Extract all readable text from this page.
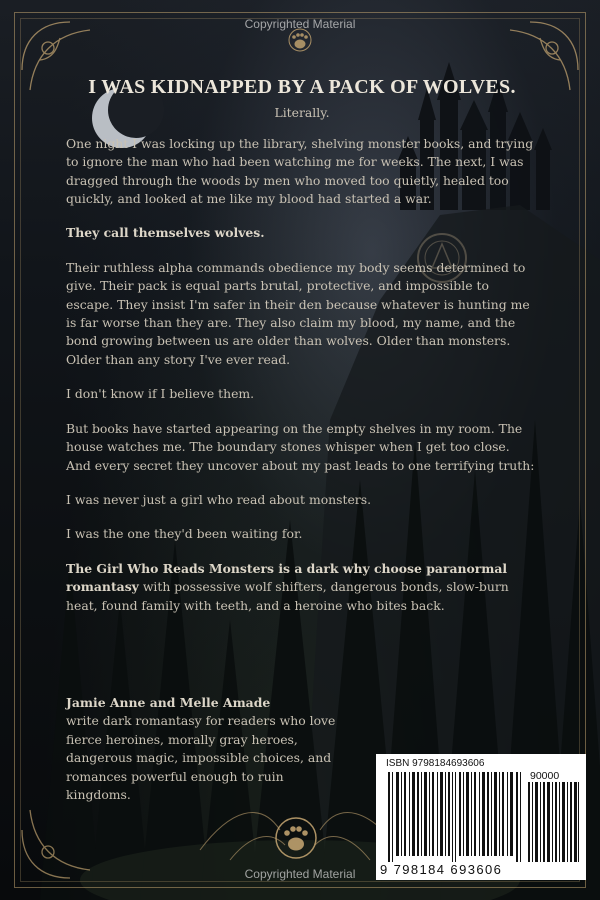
Copyrighted Material
I WAS KIDNAPPED BY A PACK OF WOLVES.
Literally.

One night I was locking up the library, shelving monster books, and trying to ignore the man who had been watching me for weeks. The next, I was dragged through the woods by men who moved too quietly, healed too quickly, and looked at me like my blood had started a war.

They call themselves wolves.

Their ruthless alpha commands obedience my body seems determined to give. Their pack is equal parts brutal, protective, and impossible to escape. They insist I'm safer in their den because whatever is hunting me is far worse than they are. They also claim my blood, my name, and the bond growing between us are older than wolves. Older than monsters. Older than any story I've ever read.

I don't know if I believe them.

But books have started appearing on the empty shelves in my room. The house watches me. The boundary stones whisper when I get too close. And every secret they uncover about my past leads to one terrifying truth:

I was never just a girl who read about monsters.

I was the one they'd been waiting for.

The Girl Who Reads Monsters is a dark why choose paranormal romantasy with possessive wolf shifters, dangerous bonds, slow-burn heat, found family with teeth, and a heroine who bites back.

Jamie Anne and Melle Amade
write dark romantasy for readers who love fierce heroines, morally gray heroes, dangerous magic, impossible choices, and romances powerful enough to ruin kingdoms.
ISBN 9798184693606
90000
9 798184 693606
Copyrighted Material
